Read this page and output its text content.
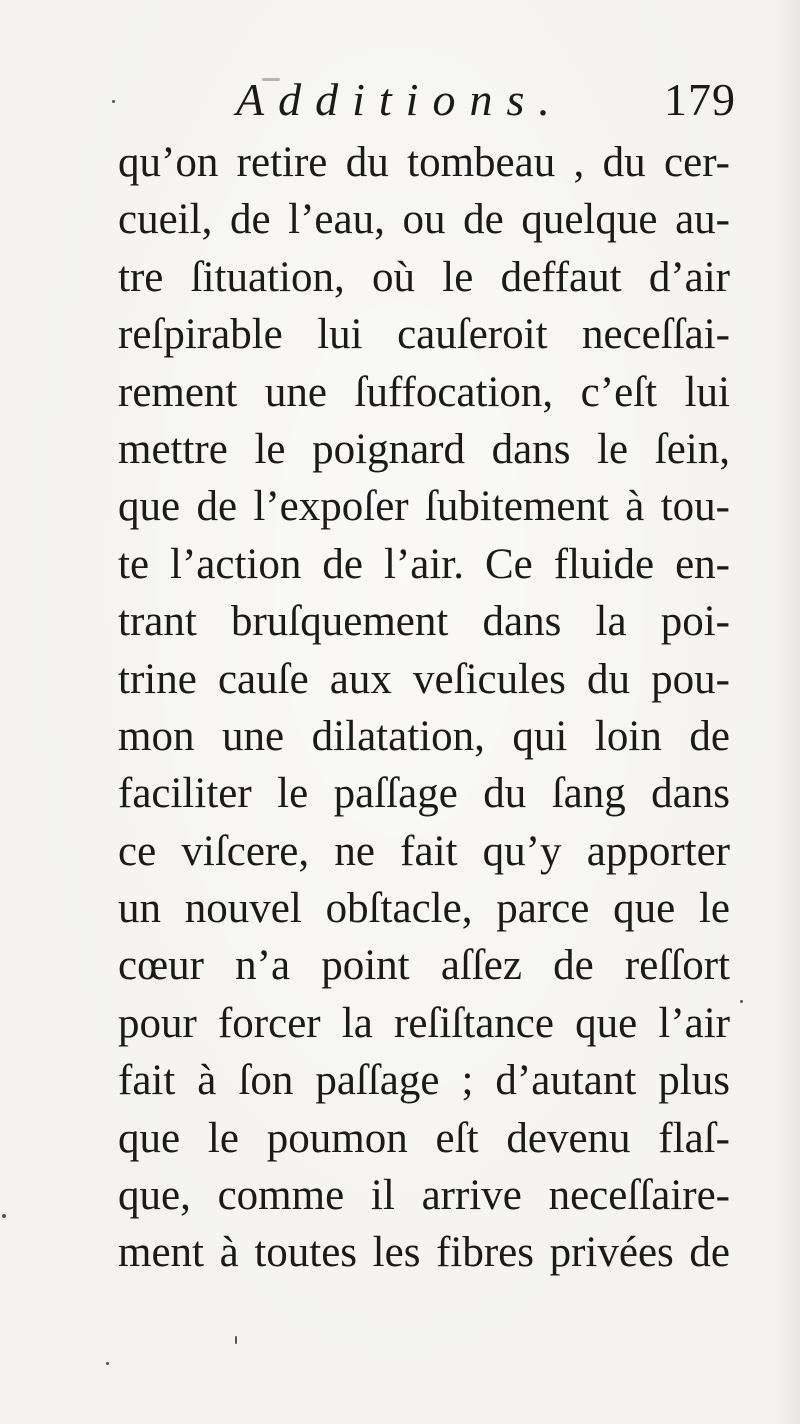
Additions. 179
qu’on retire du tombeau , du cer-
cueil, de l’eau, ou de quelque au-
tre ſituation, où le deffaut d’air
reſpirable lui cauſeroit neceſſai-
rement une ſuffocation, c’eſt lui
mettre le poignard dans le ſein,
que de l’expoſer ſubitement à tou-
te l’action de l’air. Ce fluide en-
trant bruſquement dans la poi-
trine cauſe aux veſicules du pou-
mon une dilatation, qui loin de
faciliter le paſſage du ſang dans
ce viſcere, ne fait qu’y apporter
un nouvel obſtacle, parce que le
cœur n’a point aſſez de reſſort
pour forcer la reſiſtance que l’air
fait à ſon paſſage ; d’autant plus
que le poumon eſt devenu flaſ-
que, comme il arrive neceſſaire-
ment à toutes les fibres privées de
